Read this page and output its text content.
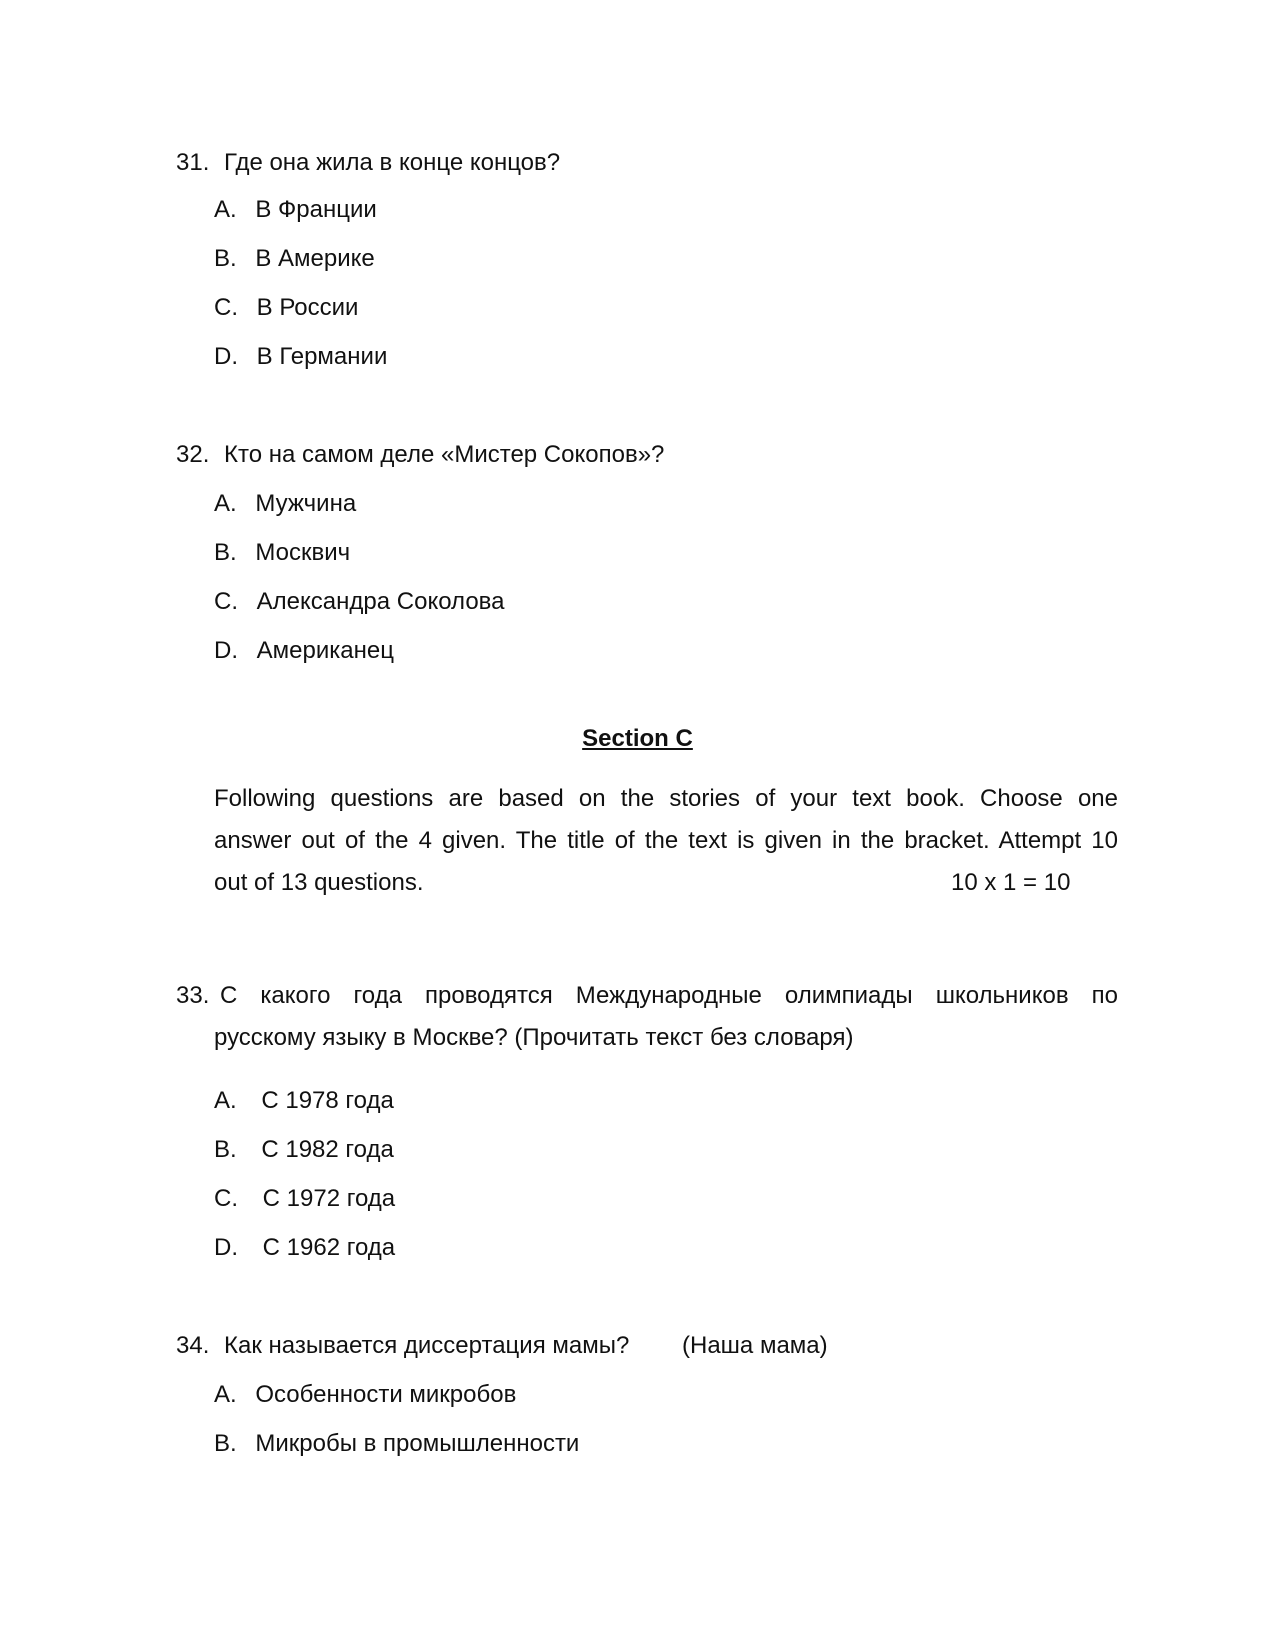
31. Где она жила в конце концов?
A. В Франции
B. В Америке
C. В России
D. В Германии
32. Кто на самом деле «Мистер Сокопов»?
A. Мужчина
B. Москвич
C. Александра Соколова
D. Американец
Section C

Following questions are based on the stories of your text book. Choose one

answer out of the 4 given. The title of the text is given in the bracket. Attempt 10

out of 13 questions.	10 x 1 = 10
33. С какого года проводятся Международные олимпиады школьников по

русскому языку в Москве? (Прочитать текст без словаря)
A. С 1978 года
B. С 1982 года
C. С 1972 года
D. С 1962 года
34. Как называется диссертация мамы? (Наша мама)
A. Особенности микробов
B. Микробы в промышленности
